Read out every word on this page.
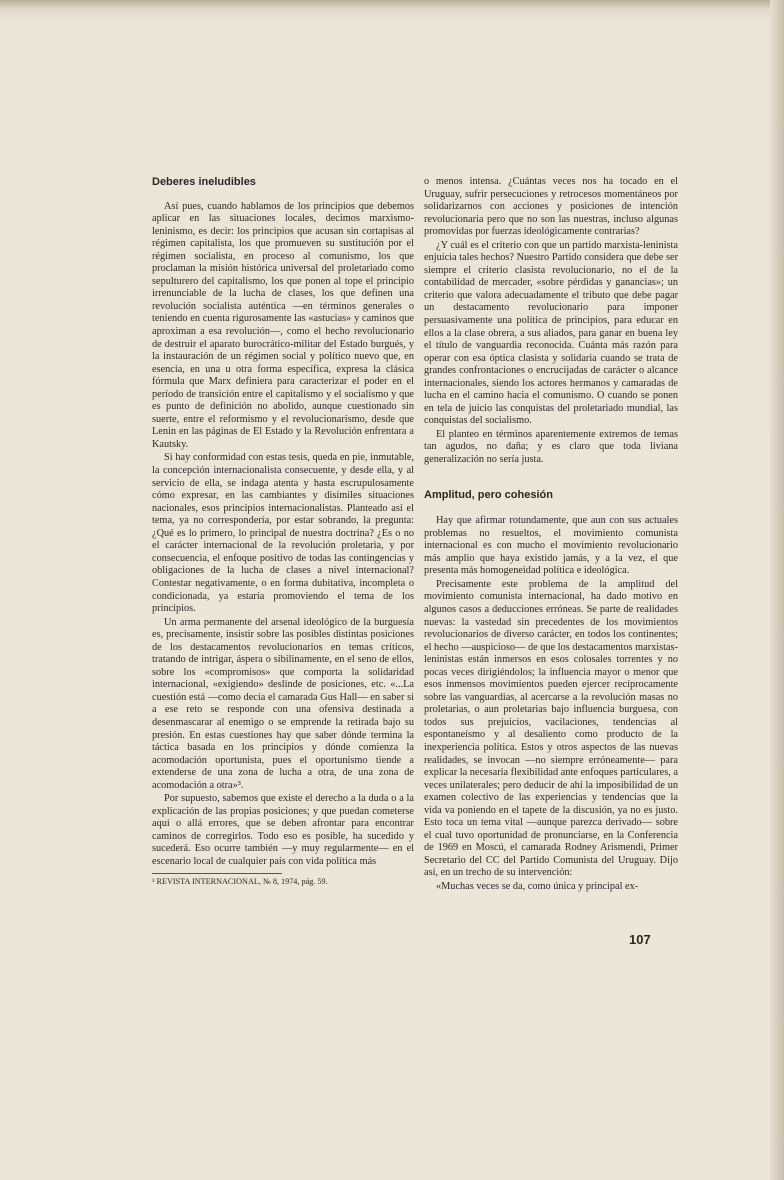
Deberes ineludibles

Así pues, cuando hablamos de los principios que debemos aplicar en las situaciones locales, decimos marxismo-leninismo, es decir: los principios que acusan sin cortapisas al régimen capitalista, los que promueven su sustitución por el régimen socialista, en proceso al comunismo, los que proclaman la misión histórica universal del proletariado como sepulturero del capitalismo, los que ponen al tope el principio irrenunciable de la lucha de clases, los que definen una revolución socialista auténtica —en términos generales o teniendo en cuenta rigurosamente las «astucias» y caminos que aproximan a esa revolución—, como el hecho revolucionario de destruir el aparato burocrático-militar del Estado burgués, y la instauración de un régimen social y político nuevo que, en esencia, en una u otra forma específica, expresa la clásica fórmula que Marx definiera para caracterizar el poder en el período de transición entre el capitalismo y el socialismo y que es punto de definición no abolido, aunque cuestionado sin suerte, entre el reformismo y el revolucionarismo, desde que Lenin en las páginas de El Estado y la Revolución enfrentara a Kautsky.

Si hay conformidad con estas tesis, queda en pie, inmutable, la concepción internacionalista consecuente, y desde ella, y al servicio de ella, se indaga atenta y hasta escrupulosamente cómo expresar, en las cambiantes y disímiles situaciones nacionales, esos principios internacionalistas. Planteado así el tema, ya no correspondería, por estar sobrando, la pregunta: ¿Qué es lo primero, lo principal de nuestra doctrina? ¿Es o no el carácter internacional de la revolución proletaria, y por consecuencia, el enfoque positivo de todas las contingencias y obligaciones de la lucha de clases a nivel internacional? Contestar negativamente, o en forma dubitativa, incompleta o condicionada, ya estaría promoviendo el tema de los principios.

Un arma permanente del arsenal ideológico de la burguesía es, precisamente, insistir sobre las posibles distintas posiciones de los destacamentos revolucionarios en temas críticos, tratando de intrigar, áspera o sibilinamente, en el seno de ellos, sobre los «compromisos» que comporta la solidaridad internacional, «exigiendo» deslinde de posiciones, etc. «...La cuestión está —como decía el camarada Gus Hall— en saber si a ese reto se responde con una ofensiva destinada a desenmascarar al enemigo o se emprende la retirada bajo su presión. En estas cuestiones hay que saber dónde termina la táctica basada en los principios y dónde comienza la acomodación oportunista, pues el oportunismo tiende a extenderse de una zona de lucha a otra, de una zona de acomodación a otra»³.

Por supuesto, sabemos que existe el derecho a la duda o a la explicación de las propias posiciones; y que puedan cometerse aquí o allá errores, que se deben afrontar para encontrar caminos de corregirlos. Todo eso es posible, ha sucedido y sucederá. Eso ocurre también —y muy regularmente— en el escenario local de cualquier país con vida política más

³ REVISTA INTERNACIONAL, № 8, 1974, pág. 59.

o menos intensa. ¿Cuántas veces nos ha tocado en el Uruguay, sufrir persecuciones y retrocesos momentáneos por solidarizarnos con acciones y posiciones de intención revolucionaria pero que no son las nuestras, incluso algunas promovidas por fuerzas ideológicamente contrarias?

¿Y cuál es el criterio con que un partido marxista-leninista enjuicia tales hechos? Nuestro Partido considera que debe ser siempre el criterio clasista revolucionario, no el de la contabilidad de mercader, «sobre pérdidas y ganancias»; un criterio que valora adecuadamente el tributo que debe pagar un destacamento revolucionario para imponer persuasivamente una política de principios, para educar en ellos a la clase obrera, a sus aliados, para ganar en buena ley el título de vanguardia reconocida. Cuánta más razón para operar con esa óptica clasista y solidaria cuando se trata de grandes confrontaciones o encrucijadas de carácter o alcance internacionales, siendo los actores hermanos y camaradas de lucha en el camino hacia el comunismo. O cuando se ponen en tela de juicio las conquistas del proletariado mundial, las conquistas del socialismo.

El planteo en términos aparentemente extremos de temas tan agudos, no daña; y es claro que toda liviana generalización no sería justa.

Amplitud, pero cohesión

Hay que afirmar rotundamente, que aun con sus actuales problemas no resueltos, el movimiento comunista internacional es con mucho el movimiento revolucionario más amplio que haya existido jamás, y a la vez, el que presenta más homogeneidad política e ideológica.

Precisamente este problema de la amplitud del movimiento comunista internacional, ha dado motivo en algunos casos a deducciones erróneas. Se parte de realidades nuevas: la vastedad sin precedentes de los movimientos revolucionarios de diverso carácter, en todos los continentes; el hecho —auspicioso— de que los destacamentos marxistas-leninistas están inmersos en esos colosales torrentes y no pocas veces dirigiéndolos; la influencia mayor o menor que esos inmensos movimientos pueden ejercer recíprocamente sobre las vanguardias, al acercarse a la revolución masas no proletarias, o aun proletarias bajo influencia burguesa, con todos sus prejuicios, vacilaciones, tendencias al espontaneísmo y al desaliento como producto de la inexperiencia política. Estos y otros aspectos de las nuevas realidades, se invocan —no siempre erróneamente— para explicar la necesaria flexibilidad ante enfoques particulares, a veces unilaterales; pero deducir de ahí la imposibilidad de un examen colectivo de las experiencias y tendencias que la vida va poniendo en el tapete de la discusión, ya no es justo. Esto toca un tema vital —aunque parezca derivado— sobre el cual tuvo oportunidad de pronunciarse, en la Conferencia de 1969 en Moscú, el camarada Rodney Arismendi, Primer Secretario del CC del Partido Comunista del Uruguay. Dijo así, en un trecho de su intervención:

«Muchas veces se da, como única y principal ex-

107
